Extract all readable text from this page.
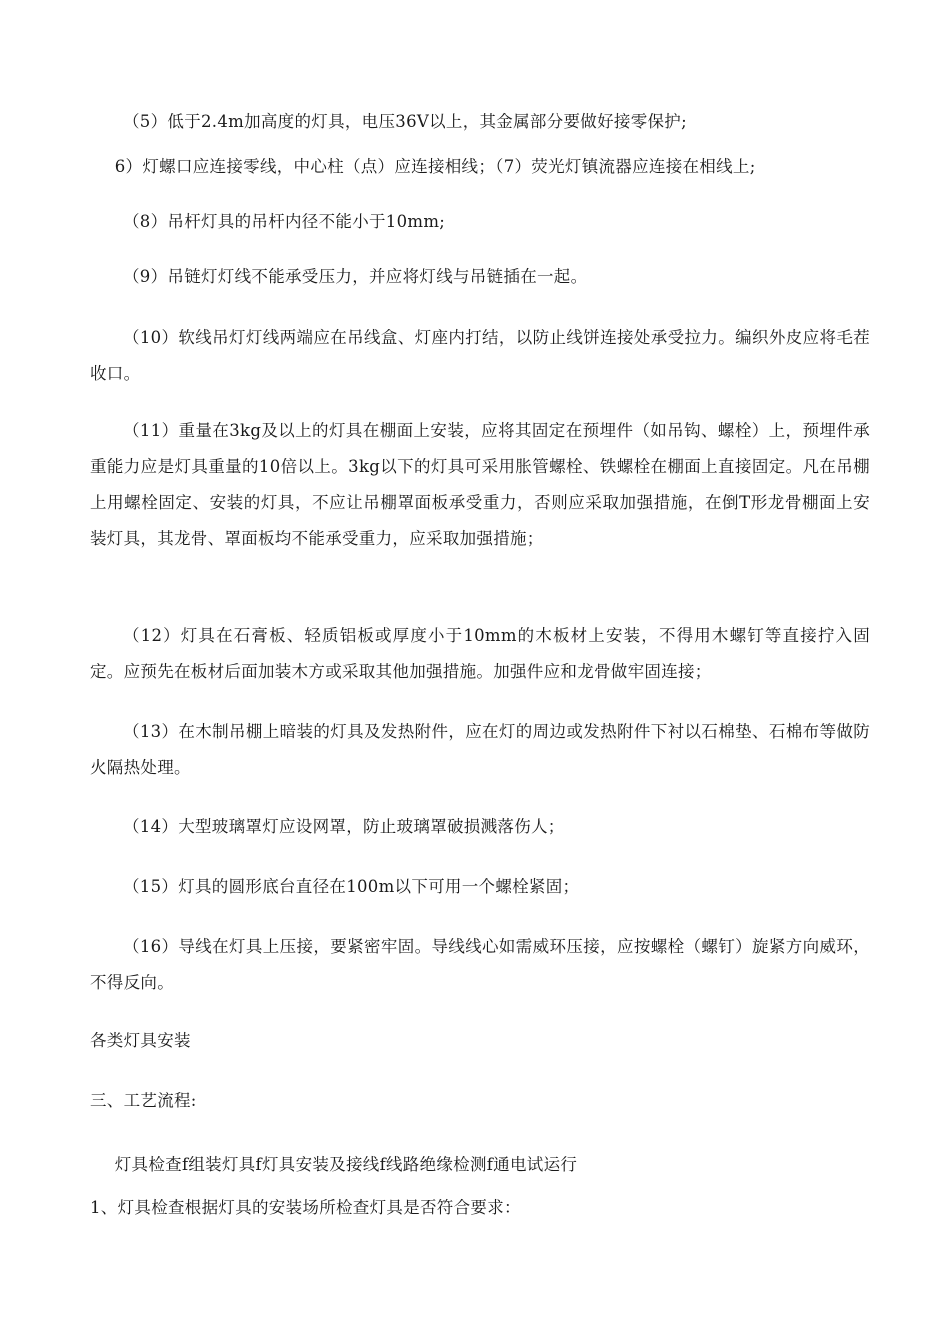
（5）低于2.4m加高度的灯具，电压36V以上，其金属部分要做好接零保护;

6）灯螺口应连接零线，中心柱（点）应连接相线；（7）荧光灯镇流器应连接在相线上;

（8）吊杆灯具的吊杆内径不能小于10mm;

（9）吊链灯灯线不能承受压力，并应将灯线与吊链插在一起。

（10）软线吊灯灯线两端应在吊线盒、灯座内打结，以防止线饼连接处承受拉力。编织外皮应将毛茬收口。

（11）重量在3kg及以上的灯具在棚面上安装，应将其固定在预埋件（如吊钩、螺栓）上，预埋件承重能力应是灯具重量的10倍以上。3kg以下的灯具可采用胀管螺栓、铁螺栓在棚面上直接固定。凡在吊棚上用螺栓固定、安装的灯具，不应让吊棚罩面板承受重力，否则应采取加强措施，在倒T形龙骨棚面上安装灯具，其龙骨、罩面板均不能承受重力，应采取加强措施；

（12）灯具在石膏板、轻质铝板或厚度小于10mm的木板材上安装，不得用木螺钉等直接拧入固定。应预先在板材后面加装木方或采取其他加强措施。加强件应和龙骨做牢固连接；

（13）在木制吊棚上暗装的灯具及发热附件，应在灯的周边或发热附件下衬以石棉垫、石棉布等做防火隔热处理。

（14）大型玻璃罩灯应设网罩，防止玻璃罩破损溅落伤人；

（15）灯具的圆形底台直径在100m以下可用一个螺栓紧固；

（16）导线在灯具上压接，要紧密牢固。导线线心如需威环压接，应按螺栓（螺钉）旋紧方向威环，不得反向。

各类灯具安装

三、工艺流程:

灯具检查f组装灯具f灯具安装及接线f线路绝缘检测f通电试运行

1、灯具检查根据灯具的安装场所检查灯具是否符合要求：
